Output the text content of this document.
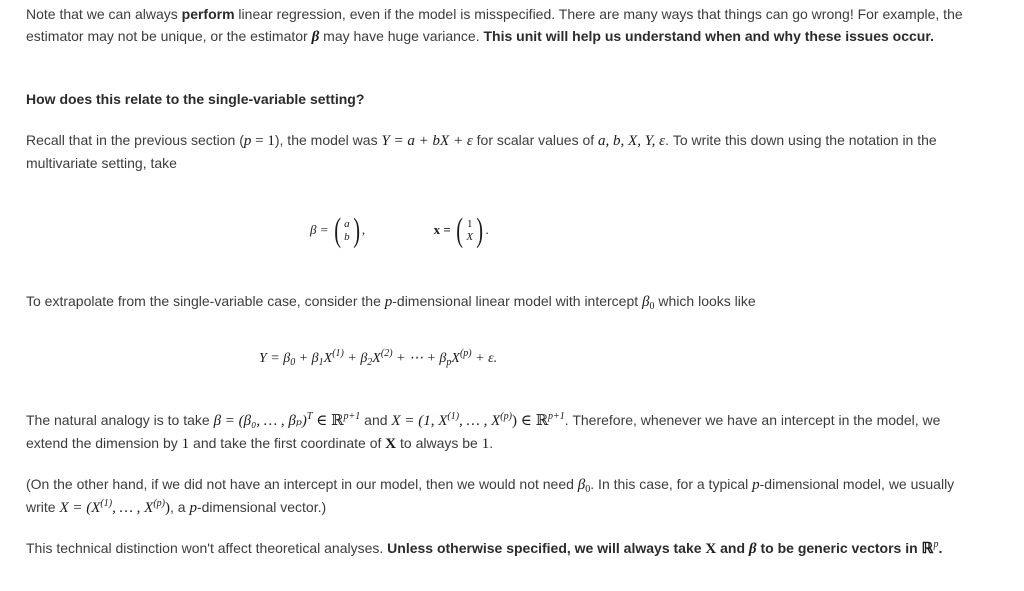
Note that we can always perform linear regression, even if the model is misspecified. There are many ways that things can go wrong! For example, the estimator may not be unique, or the estimator β may have huge variance. This unit will help us understand when and why these issues occur.

How does this relate to the single-variable setting?

Recall that in the previous section (p = 1), the model was Y = a + bX + ε for scalar values of a, b, X, Y, ε. To write this down using the notation in the multivariate setting, take

β = ( a
b ) ,	x = ( 1
X ) .

To extrapolate from the single-variable case, consider the p-dimensional linear model with intercept $\beta_0$ which looks like

$Y = \beta_0 + \beta_1X^{(1)} + \beta_2X^{(2)}$ + ⋯ + $\beta_pX^{(p)} + \varepsilon$.

The natural analogy is to take β = (β₀, … , βₚ)$^T$ ∈ ℝ$^{p+1}$ and X = (1, $X^{(1)}$, … , $X^{(p)}$) ∈ ℝ$^{p+1}$. Therefore, whenever we have an intercept in the model, we extend the dimension by 1 and take the first coordinate of X to always be 1.

(On the other hand, if we did not have an intercept in our model, then we would not need $\beta_0$. In this case, for a typical p-dimensional model, we usually write $X = (X^{(1)}$, … , $X^{(p)}$), a p-dimensional vector.)

This technical distinction won't affect theoretical analyses. Unless otherwise specified, we will always take X and β to be generic vectors in ℝ$^p$.
